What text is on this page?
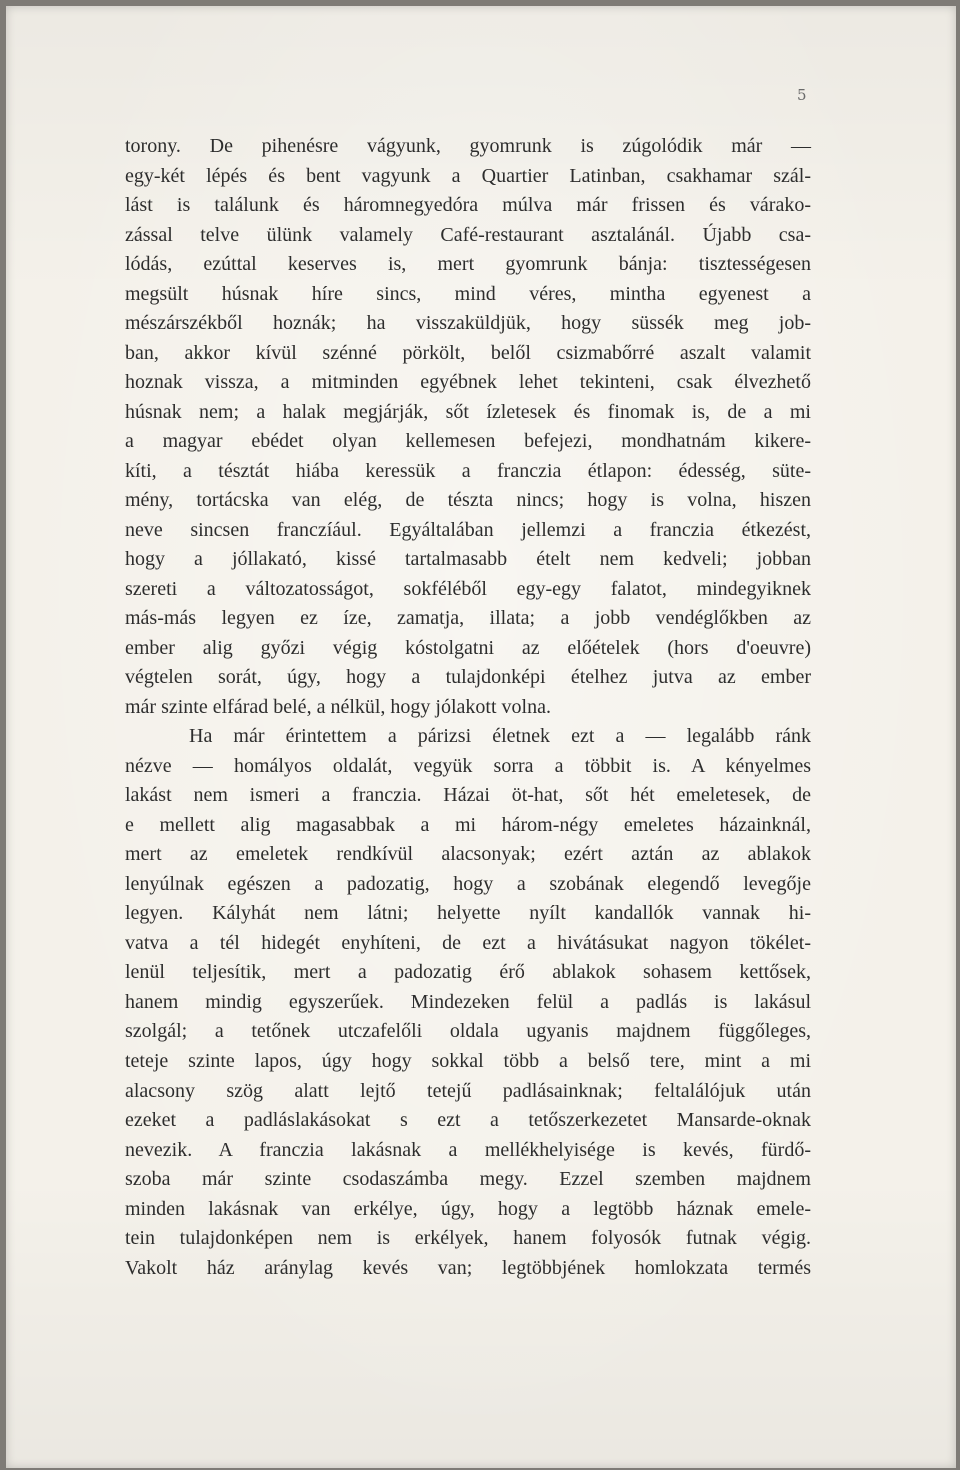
5
torony. De pihenésre vágyunk, gyomrunk is zúgolódik már —
egy-két lépés és bent vagyunk a Quartier Latinban, csakhamar szál-
lást is találunk és háromnegyedóra múlva már frissen és várako-
zással telve ülünk valamely Café-restaurant asztalánál. Újabb csa-
lódás, ezúttal keserves is, mert gyomrunk bánja: tisztességesen
megsült húsnak híre sincs, mind véres, mintha egyenest a
mészárszékből hoznák; ha visszaküldjük, hogy süssék meg job-
ban, akkor kívül szénné pörkölt, belől csizmabőrré aszalt valamit
hoznak vissza, a mitminden egyébnek lehet tekinteni, csak élvezhető
húsnak nem; a halak megjárják, sőt ízletesek és finomak is, de a mi
a magyar ebédet olyan kellemesen befejezi, mondhatnám kikere-
kíti, a tésztát hiába keressük a franczia étlapon: édesség, süte-
mény, tortácska van elég, de tészta nincs; hogy is volna, hiszen
neve sincsen franczíául. Egyáltalában jellemzi a franczia étkezést,
hogy a jóllakató, kissé tartalmasabb ételt nem kedveli; jobban
szereti a változatosságot, sokféléből egy-egy falatot, mindegyiknek
más-más legyen ez íze, zamatja, illata; a jobb vendéglőkben az
ember alig győzi végig kóstolgatni az előételek (hors d'oeuvre)
végtelen sorát, úgy, hogy a tulajdonképi ételhez jutva az ember
már szinte elfárad belé, a nélkül, hogy jólakott volna.
Ha már érintettem a párizsi életnek ezt a — legalább ránk
nézve — homályos oldalát, vegyük sorra a többit is. A kényelmes
lakást nem ismeri a franczia. Házai öt-hat, sőt hét emeletesek, de
e mellett alig magasabbak a mi három-négy emeletes házainknál,
mert az emeletek rendkívül alacsonyak; ezért aztán az ablakok
lenyúlnak egészen a padozatig, hogy a szobának elegendő levegője
legyen. Kályhát nem látni; helyette nyílt kandallók vannak hi-
vatva a tél hidegét enyhíteni, de ezt a hivátásukat nagyon tökélet-
lenül teljesítik, mert a padozatig érő ablakok sohasem kettősek,
hanem mindig egyszerűek. Mindezeken felül a padlás is lakásul
szolgál; a tetőnek utczafelőli oldala ugyanis majdnem függőleges,
teteje szinte lapos, úgy hogy sokkal több a belső tere, mint a mi
alacsony szög alatt lejtő tetejű padlásainknak; feltalálójuk után
ezeket a padláslakásokat s ezt a tetőszerkezetet Mansarde-oknak
nevezik. A franczia lakásnak a mellékhelyisége is kevés, fürdő-
szoba már szinte csodaszámba megy. Ezzel szemben majdnem
minden lakásnak van erkélye, úgy, hogy a legtöbb háznak emele-
tein tulajdonképen nem is erkélyek, hanem folyosók futnak végig.
Vakolt ház aránylag kevés van; legtöbbjének homlokzata termés
